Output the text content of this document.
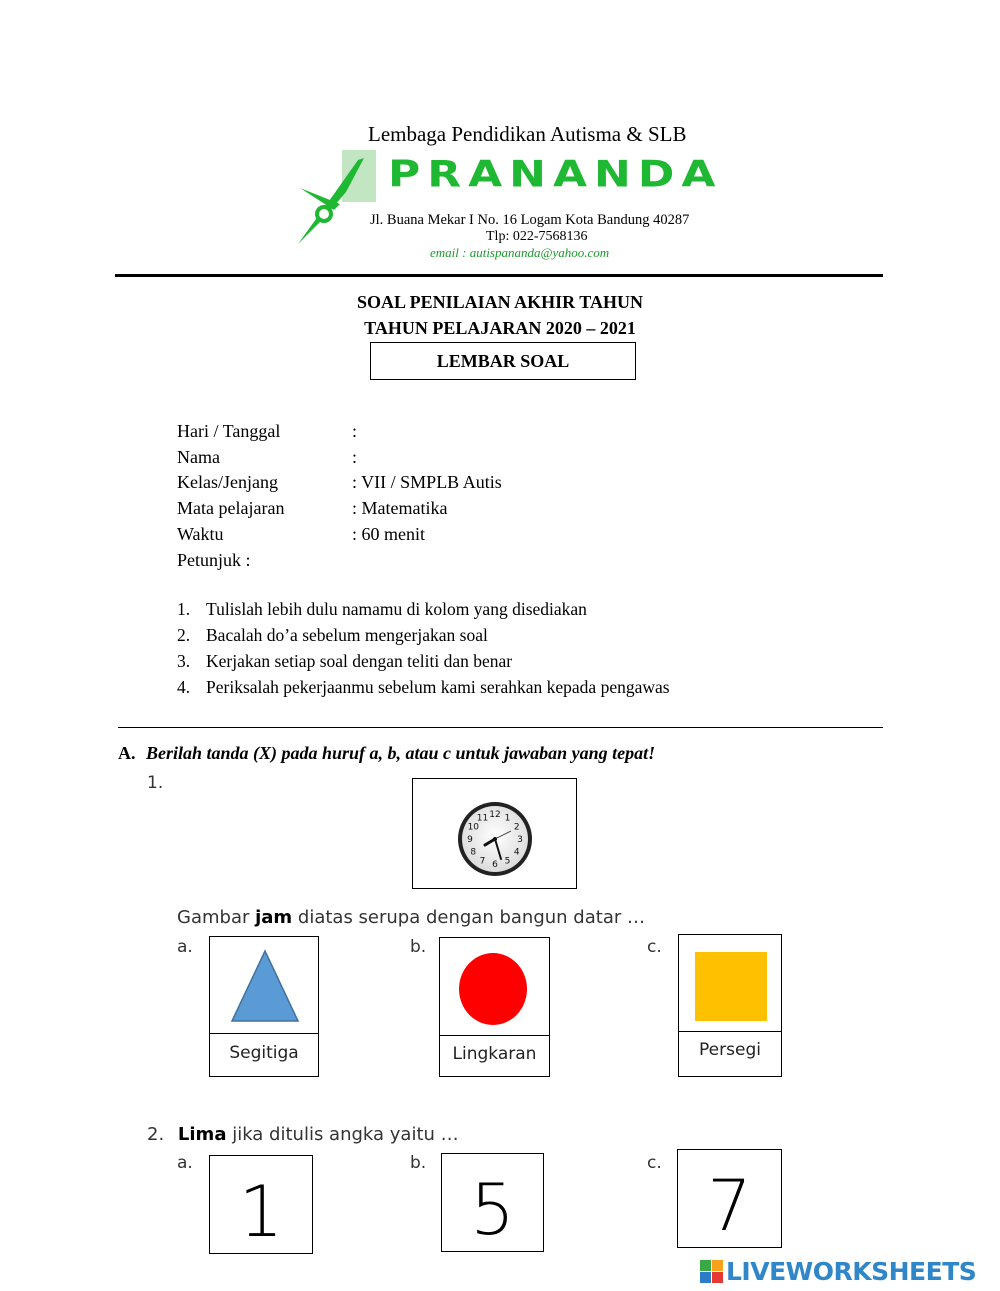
Lembaga Pendidikan Autisma & SLB
PRANANDA
Jl. Buana Mekar I No. 16 Logam Kota Bandung 40287
Tlp: 022-7568136
email : autispananda@yahoo.com
SOAL PENILAIAN AKHIR TAHUN
TAHUN PELAJARAN 2020 – 2021
LEMBAR SOAL
Hari / Tanggal	:
Nama	:
Kelas/Jenjang	: VII / SMPLB Autis
Mata pelajaran	: Matematika
Waktu	: 60 menit
Petunjuk :
1. Tulislah lebih dulu namamu di kolom yang disediakan
2. Bacalah do’a sebelum mengerjakan soal
3. Kerjakan setiap soal dengan teliti dan benar
4. Periksalah pekerjaanmu sebelum kami serahkan kepada pengawas
A. Berilah tanda (X) pada huruf a, b, atau c untuk jawaban yang tepat!
1.
12 1
2
3
4
5
6
7
8
9
10
11
Gambar jam diatas serupa dengan bangun datar …
a.
Segitiga
b.
Lingkaran
c.
Persegi
2. Lima jika ditulis angka yaitu …
a.
1
b.
5
c.
7
LIVEWORKSHEETS
